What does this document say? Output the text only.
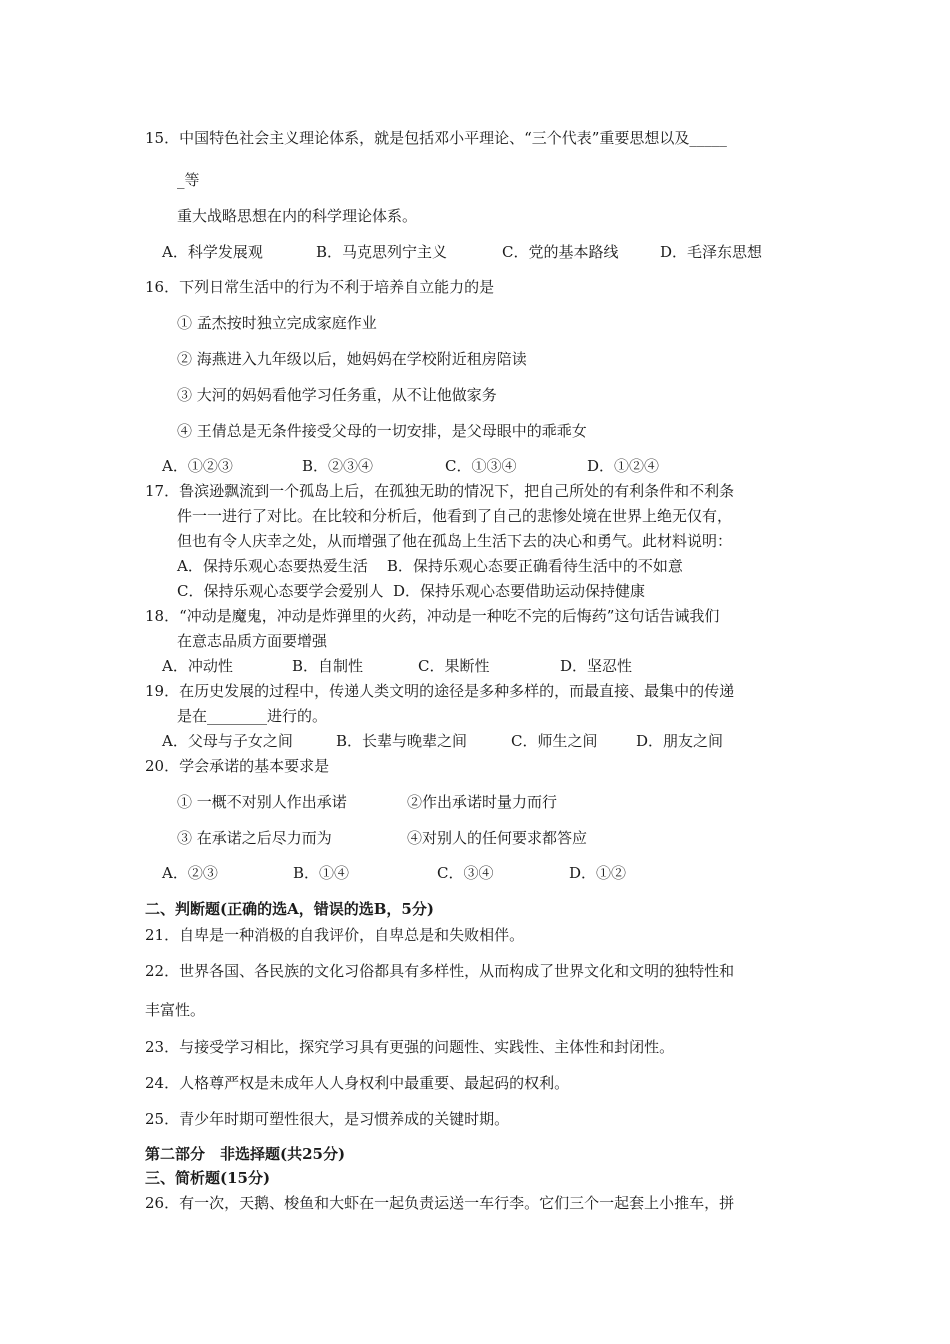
15．中国特色社会主义理论体系，就是包括邓小平理论、“三个代表”重要思想以及_____
_等
重大战略思想在内的科学理论体系。
A．科学发展观	B．马克思列宁主义	C．党的基本路线	D．毛泽东思想
16．下列日常生活中的行为不利于培养自立能力的是
① 孟杰按时独立完成家庭作业
② 海燕进入九年级以后，她妈妈在学校附近租房陪读
③ 大河的妈妈看他学习任务重，从不让他做家务
④ 王倩总是无条件接受父母的一切安排，是父母眼中的乖乖女
A．①②③	B．②③④	C．①③④	D．①②④
17．鲁滨逊飘流到一个孤岛上后，在孤独无助的情况下，把自己所处的有利条件和不利条
件一一进行了对比。在比较和分析后，他看到了自己的悲惨处境在世界上绝无仅有，
但也有令人庆幸之处，从而增强了他在孤岛上生活下去的决心和勇气。此材料说明：
A．保持乐观心态要热爱生活    B．保持乐观心态要正确看待生活中的不如意
C．保持乐观心态要学会爱别人  D．保持乐观心态要借助运动保持健康
18．“冲动是魔鬼，冲动是炸弹里的火药，冲动是一种吃不完的后悔药”这句话告诫我们
在意志品质方面要增强
A．冲动性	B．自制性	C．果断性	D．坚忍性
19．在历史发展的过程中，传递人类文明的途径是多种多样的，而最直接、最集中的传递
是在________进行的。
A．父母与子女之间	B．长辈与晚辈之间	C．师生之间	D．朋友之间
20．学会承诺的基本要求是
① 一概不对别人作出承诺	②作出承诺时量力而行
③ 在承诺之后尽力而为	④对别人的任何要求都答应
A．②③	B．①④	C．③④	D．①②
二、判断题(正确的选A，错误的选B，5分)
21．自卑是一种消极的自我评价，自卑总是和失败相伴。
22．世界各国、各民族的文化习俗都具有多样性，从而构成了世界文化和文明的独特性和
丰富性。
23．与接受学习相比，探究学习具有更强的问题性、实践性、主体性和封闭性。
24．人格尊严权是未成年人人身权利中最重要、最起码的权利。
25．青少年时期可塑性很大，是习惯养成的关键时期。
第二部分　非选择题(共25分)
三、简析题(15分)
26．有一次，天鹅、梭鱼和大虾在一起负责运送一车行李。它们三个一起套上小推车，拼
